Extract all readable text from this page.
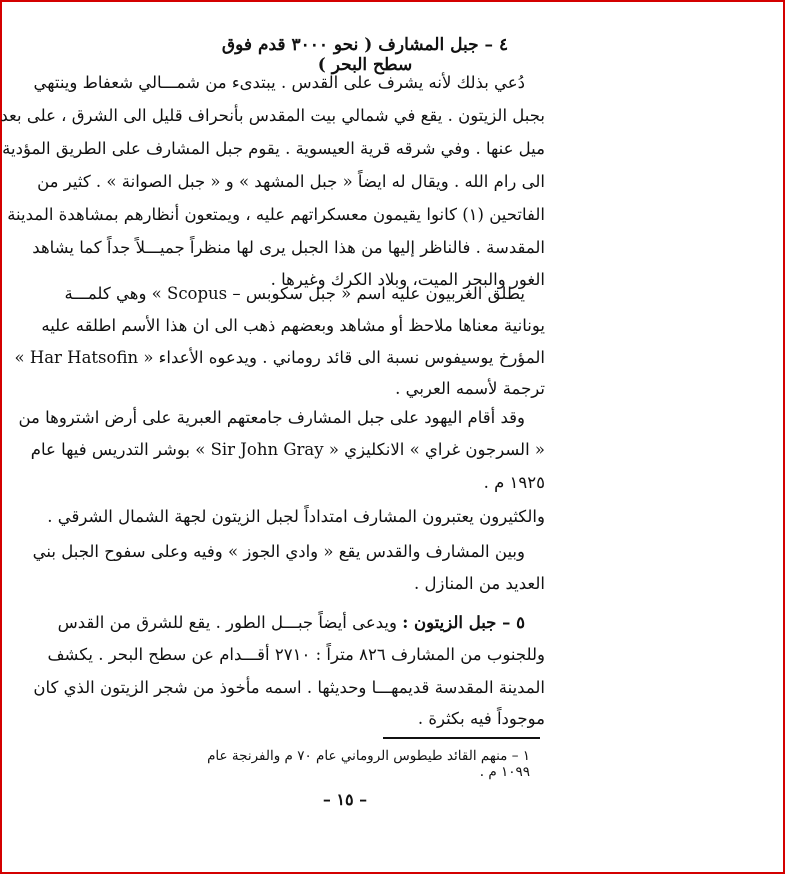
٤ – جبل المشارف ( نحو ٣٠٠٠ قدم فوق سطح البحر )
دُعي بذلك لأنه يشرف على القدس . يبتدىء من شمـــالي شعفاط وينتهي
بجبل الزيتون . يقع في شمالي بيت المقدس بأنحراف قليل الى الشرق ، على بعد
ميل عنها . وفي شرقه قرية العيسوية . يقوم جبل المشارف على الطريق المؤدية
الى رام الله . ويقال له ايضاً « جبل المشهد » و « جبل الصوانة » . كثير من
الفاتحين (١) كانوا يقيمون معسكراتهم عليه ، ويمتعون أنظارهم بمشاهدة المدينة
المقدسة . فالناظر إليها من هذا الجبل يرى لها منظراً جميـــلاً جداً كما يشاهد
الغور والبحر الميت، وبلاد الكرك وغيرها .
يطلق الغربيون عليه اسم « جبل سكوبس – Scopus » وهي كلمـــة
يونانية معناها ملاحظ أو مشاهد وبعضهم ذهب الى ان هذا الأسم اطلقه عليه
المؤرخ يوسيفوس نسبة الى قائد روماني . ويدعوه الأعداء « Har Hatsofin »
ترجمة لأسمه العربي .
وقد أقام اليهود على جبل المشارف جامعتهم العبرية على أرض اشتروها من
« السرجون غراي » الانكليزي « Sir John Gray » بوشر التدريس فيها عام
١٩٢٥ م .
والكثيرون يعتبرون المشارف امتداداً لجبل الزيتون لجهة الشمال الشرقي .
وبين المشارف والقدس يقع « وادي الجوز » وفيه وعلى سفوح الجبل بني
العديد من المنازل .
٥ – جبل الزيتون : ويدعى أيضاً جبـــل الطور . يقع للشرق من القدس
وللجنوب من المشارف ٨٢٦ متراً : ٢٧١٠ أقـــدام عن سطح البحر . يكشف
المدينة المقدسة قديمهـــا وحديثها . اسمه مأخوذ من شجر الزيتون الذي كان
موجوداً فيه بكثرة .
١ – منهم القائد طيطوس الروماني عام ٧٠ م والفرنجة عام ١٠٩٩ م .
– ١٥ –
